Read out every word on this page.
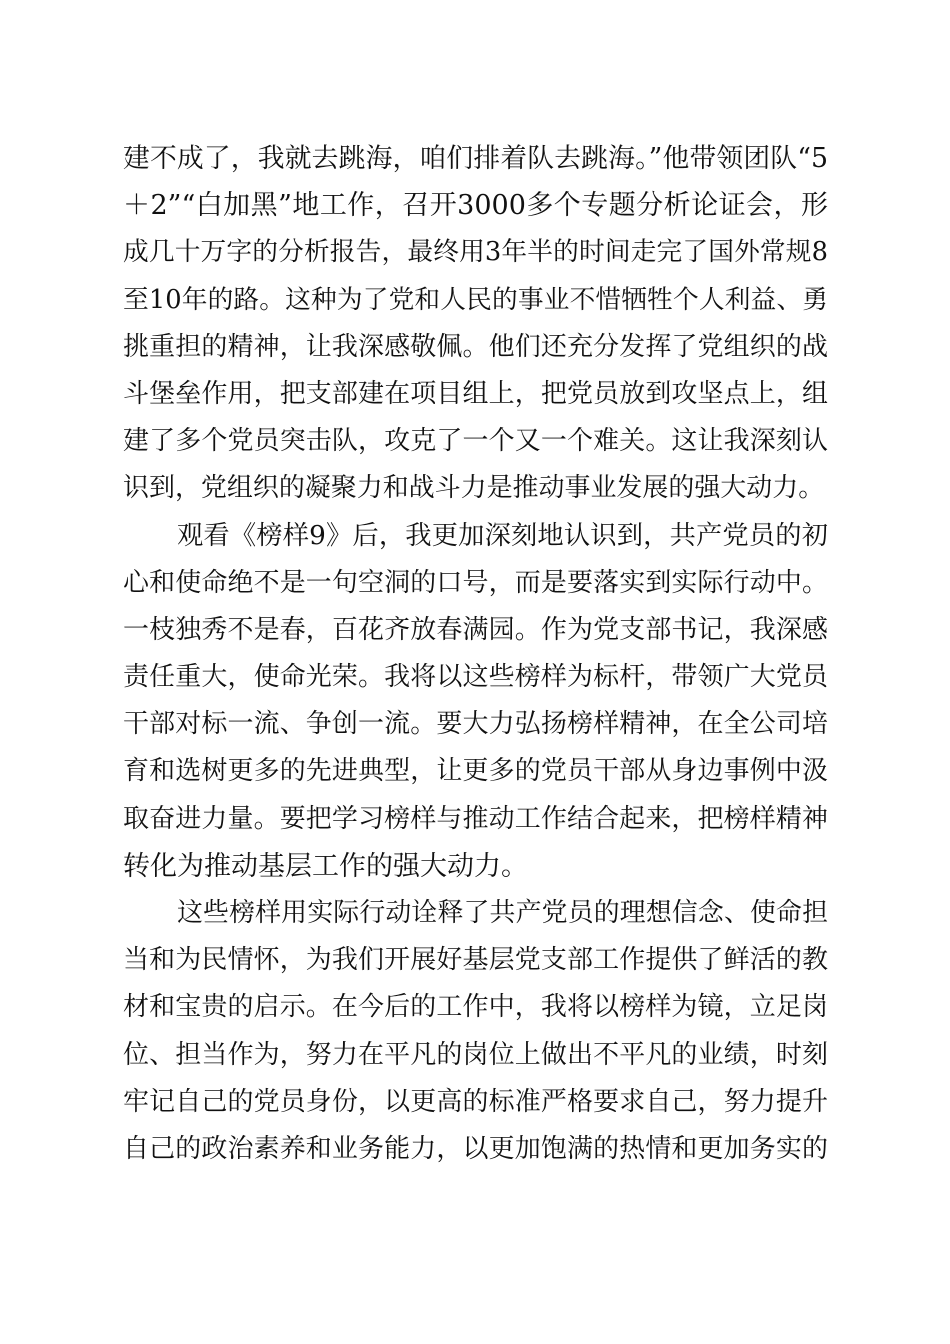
建不成了，我就去跳海，咱们排着队去跳海。”他带领团队“5
＋2”“白加黑”地工作，召开3000多个专题分析论证会，形
成几十万字的分析报告，最终用3年半的时间走完了国外常规8
至10年的路。这种为了党和人民的事业不惜牺牲个人利益、勇
挑重担的精神，让我深感敬佩。他们还充分发挥了党组织的战
斗堡垒作用，把支部建在项目组上，把党员放到攻坚点上，组
建了多个党员突击队，攻克了一个又一个难关。这让我深刻认
识到，党组织的凝聚力和战斗力是推动事业发展的强大动力。
观看《榜样9》后，我更加深刻地认识到，共产党员的初
心和使命绝不是一句空洞的口号，而是要落实到实际行动中。
一枝独秀不是春，百花齐放春满园。作为党支部书记，我深感
责任重大，使命光荣。我将以这些榜样为标杆，带领广大党员
干部对标一流、争创一流。要大力弘扬榜样精神，在全公司培
育和选树更多的先进典型，让更多的党员干部从身边事例中汲
取奋进力量。要把学习榜样与推动工作结合起来，把榜样精神
转化为推动基层工作的强大动力。
这些榜样用实际行动诠释了共产党员的理想信念、使命担
当和为民情怀，为我们开展好基层党支部工作提供了鲜活的教
材和宝贵的启示。在今后的工作中，我将以榜样为镜，立足岗
位、担当作为，努力在平凡的岗位上做出不平凡的业绩，时刻
牢记自己的党员身份，以更高的标准严格要求自己，努力提升
自己的政治素养和业务能力，以更加饱满的热情和更加务实的
